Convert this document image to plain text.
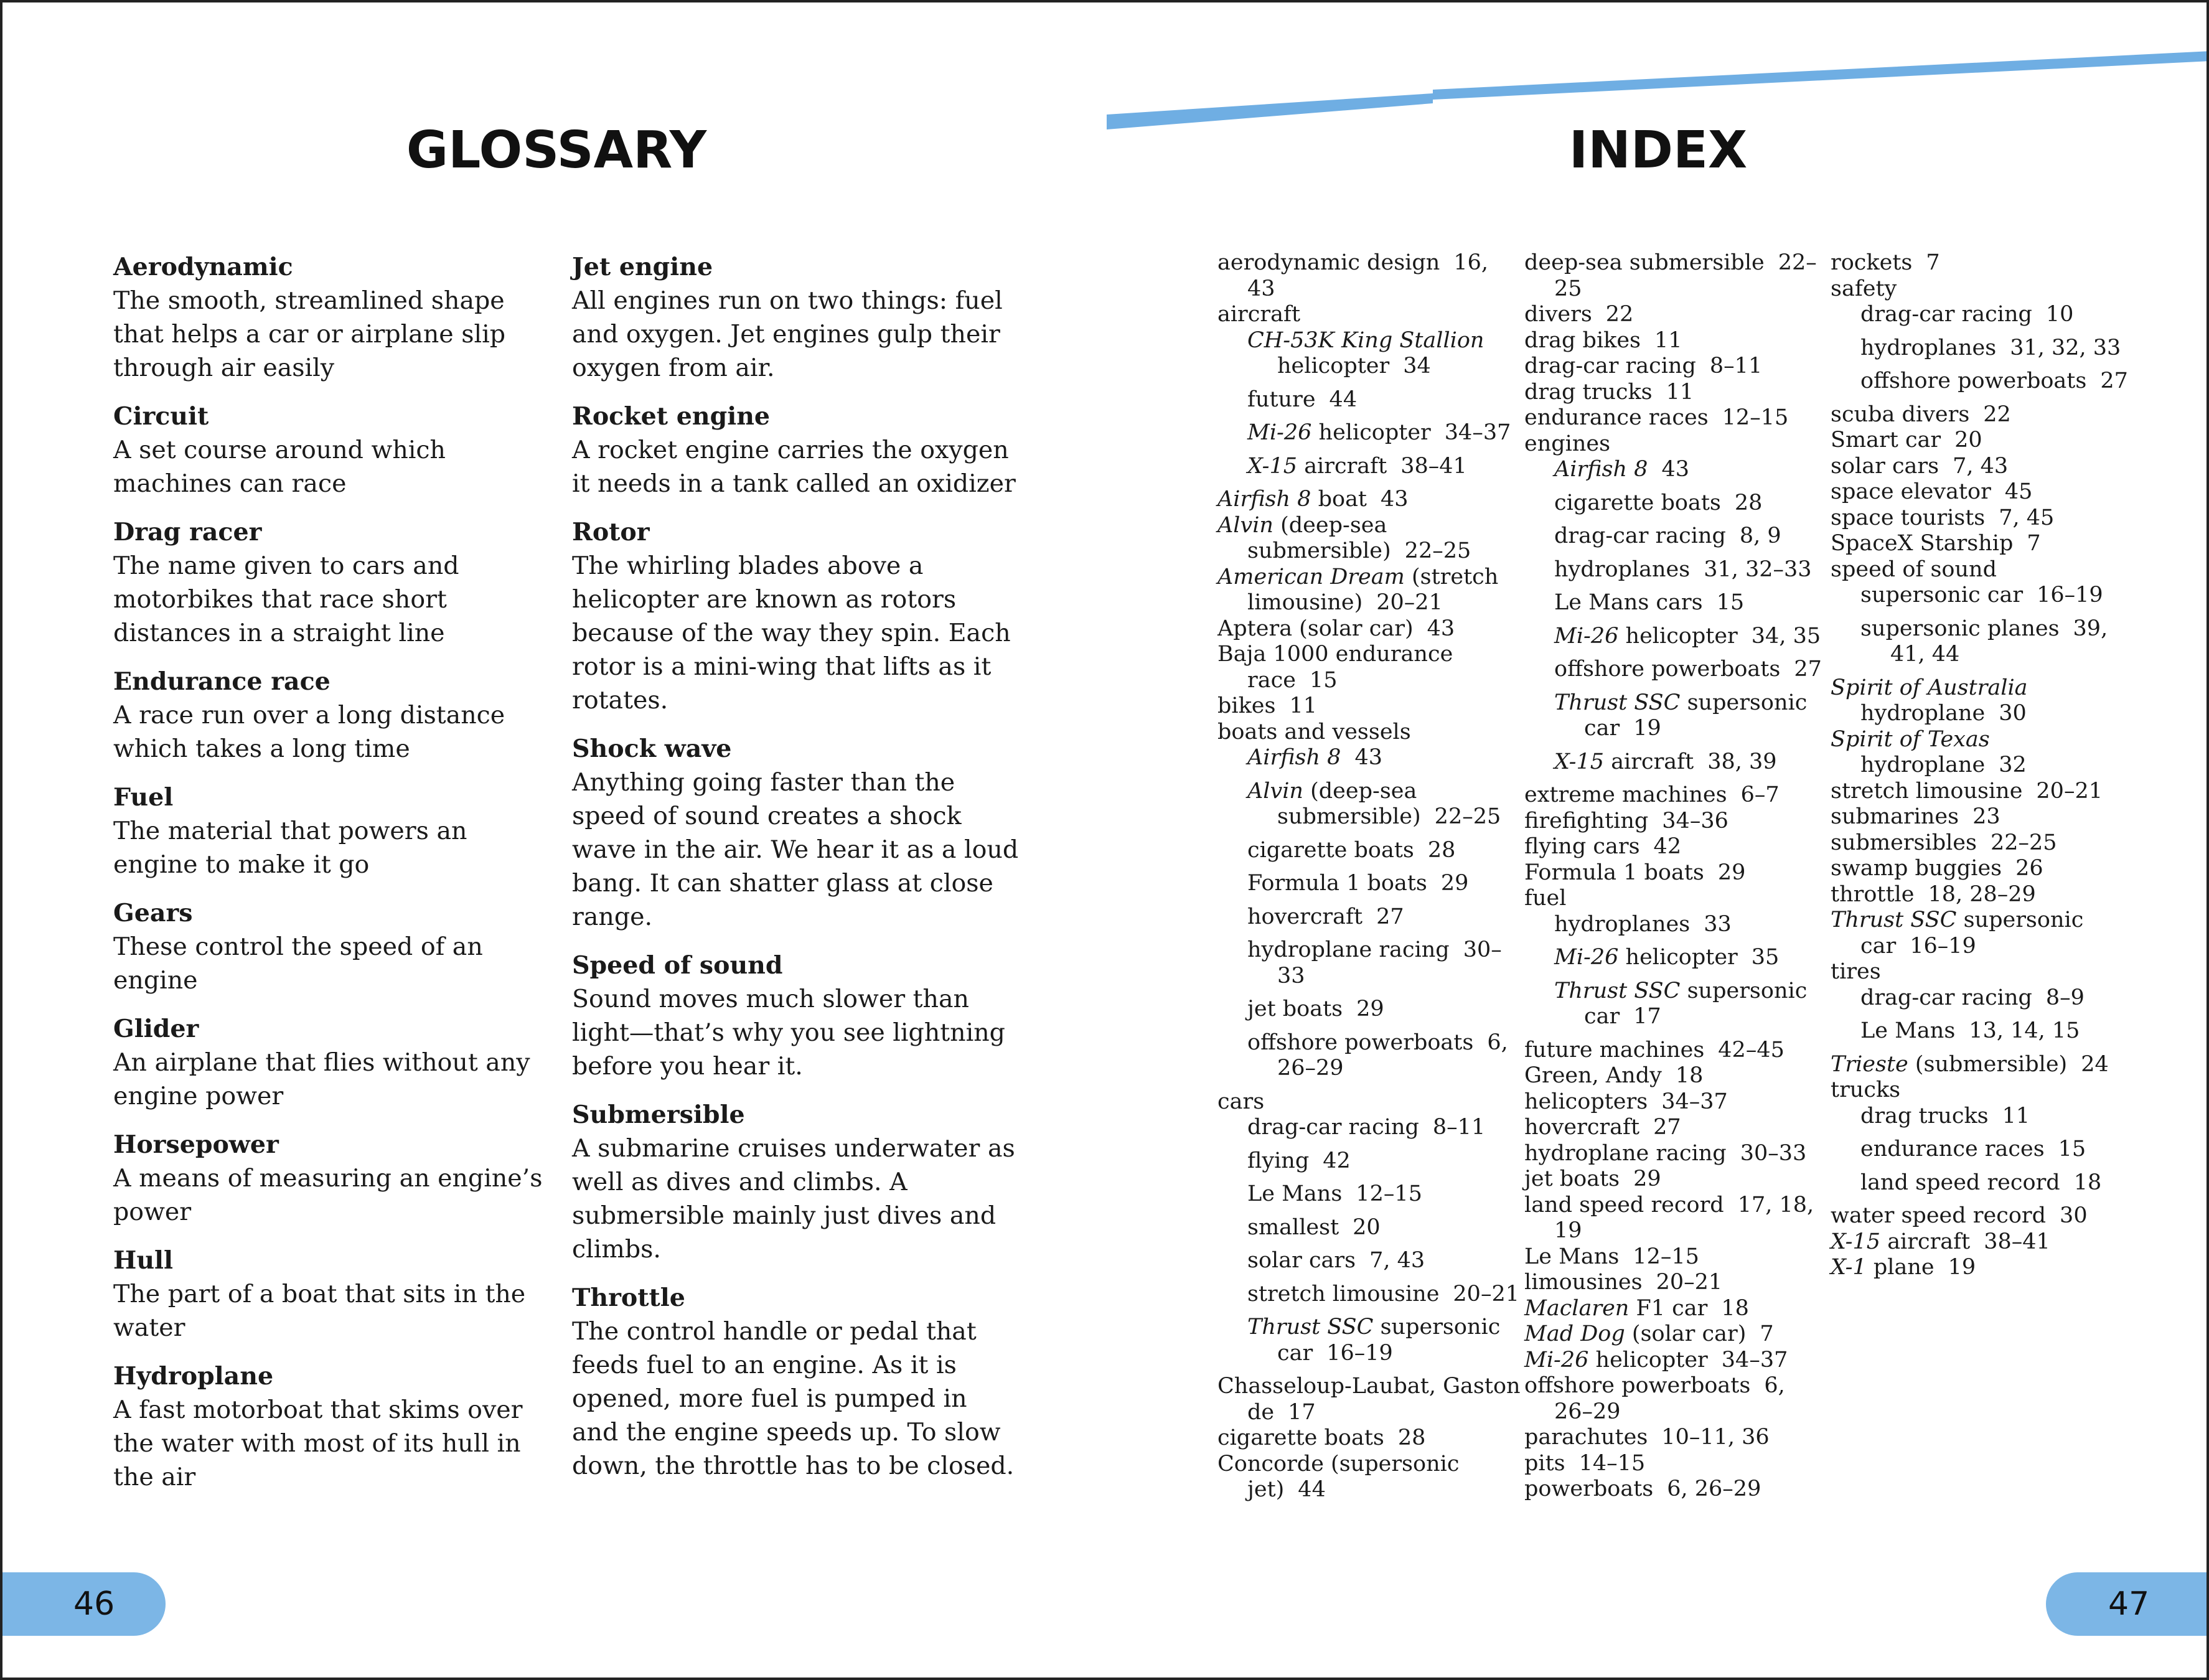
GLOSSARY	INDEX
Aerodynamic
The smooth, streamlined shape that helps a car or airplane slip through air easily
Circuit
A set course around which machines can race
Drag racer
The name given to cars and motorbikes that race short distances in a straight line
Endurance race
A race run over a long distance which takes a long time
Fuel
The material that powers an engine to make it go
Gears
These control the speed of an engine
Glider
An airplane that flies without any engine power
Horsepower
A means of measuring an engine’s power
Hull
The part of a boat that sits in the water
Hydroplane
A fast motorboat that skims over the water with most of its hull in the air
Jet engine
All engines run on two things: fuel and oxygen. Jet engines gulp their oxygen from air.
Rocket engine
A rocket engine carries the oxygen it needs in a tank called an oxidizer
Rotor
The whirling blades above a helicopter are known as rotors because of the way they spin. Each rotor is a mini-wing that lifts as it rotates.
Shock wave
Anything going faster than the speed of sound creates a shock wave in the air. We hear it as a loud bang. It can shatter glass at close range.
Speed of sound
Sound moves much slower than light—that’s why you see lightning before you hear it.
Submersible
A submarine cruises underwater as well as dives and climbs. A submersible mainly just dives and climbs.
Throttle
The control handle or pedal that feeds fuel to an engine. As it is opened, more fuel is pumped in and the engine speeds up. To slow down, the throttle has to be closed.
aerodynamic design 16, 43
aircraft
CH-53K King Stallion helicopter 34
future 44
Mi-26 helicopter 34–37
X-15 aircraft 38–41
Airfish 8 boat 43
Alvin (deep-sea submersible) 22–25
American Dream (stretch limousine) 20–21
Aptera (solar car) 43
Baja 1000 endurance race 15
bikes 11
boats and vessels
Airfish 8 43
Alvin (deep-sea submersible) 22–25
cigarette boats 28
Formula 1 boats 29
hovercraft 27
hydroplane racing 30–33
jet boats 29
offshore powerboats 6, 26–29
cars
drag-car racing 8–11
flying 42
Le Mans 12–15
smallest 20
solar cars 7, 43
stretch limousine 20–21
Thrust SSC supersonic car 16–19
Chasseloup-Laubat, Gaston de 17
cigarette boats 28
Concorde (supersonic jet) 44
deep-sea submersible 22–25
divers 22
drag bikes 11
drag-car racing 8–11
drag trucks 11
endurance races 12–15
engines
Airfish 8 43
cigarette boats 28
drag-car racing 8, 9
hydroplanes 31, 32–33
Le Mans cars 15
Mi-26 helicopter 34, 35
offshore powerboats 27
Thrust SSC supersonic car 19
X-15 aircraft 38, 39
extreme machines 6–7
firefighting 34–36
flying cars 42
Formula 1 boats 29
fuel
hydroplanes 33
Mi-26 helicopter 35
Thrust SSC supersonic car 17
future machines 42–45
Green, Andy 18
helicopters 34–37
hovercraft 27
hydroplane racing 30–33
jet boats 29
land speed record 17, 18, 19
Le Mans 12–15
limousines 20–21
Maclaren F1 car 18
Mad Dog (solar car) 7
Mi-26 helicopter 34–37
offshore powerboats 6, 26–29
parachutes 10–11, 36
pits 14–15
powerboats 6, 26–29
rockets 7
safety
drag-car racing 10
hydroplanes 31, 32, 33
offshore powerboats 27
scuba divers 22
Smart car 20
solar cars 7, 43
space elevator 45
space tourists 7, 45
SpaceX Starship 7
speed of sound
supersonic car 16–19
supersonic planes 39, 41, 44
Spirit of Australia hydroplane 30
Spirit of Texas hydroplane 32
stretch limousine 20–21
submarines 23
submersibles 22–25
swamp buggies 26
throttle 18, 28–29
Thrust SSC supersonic car 16–19
tires
drag-car racing 8–9
Le Mans 13, 14, 15
Trieste (submersible) 24
trucks
drag trucks 11
endurance races 15
land speed record 18
water speed record 30
X-15 aircraft 38–41
X-1 plane 19
46	47
